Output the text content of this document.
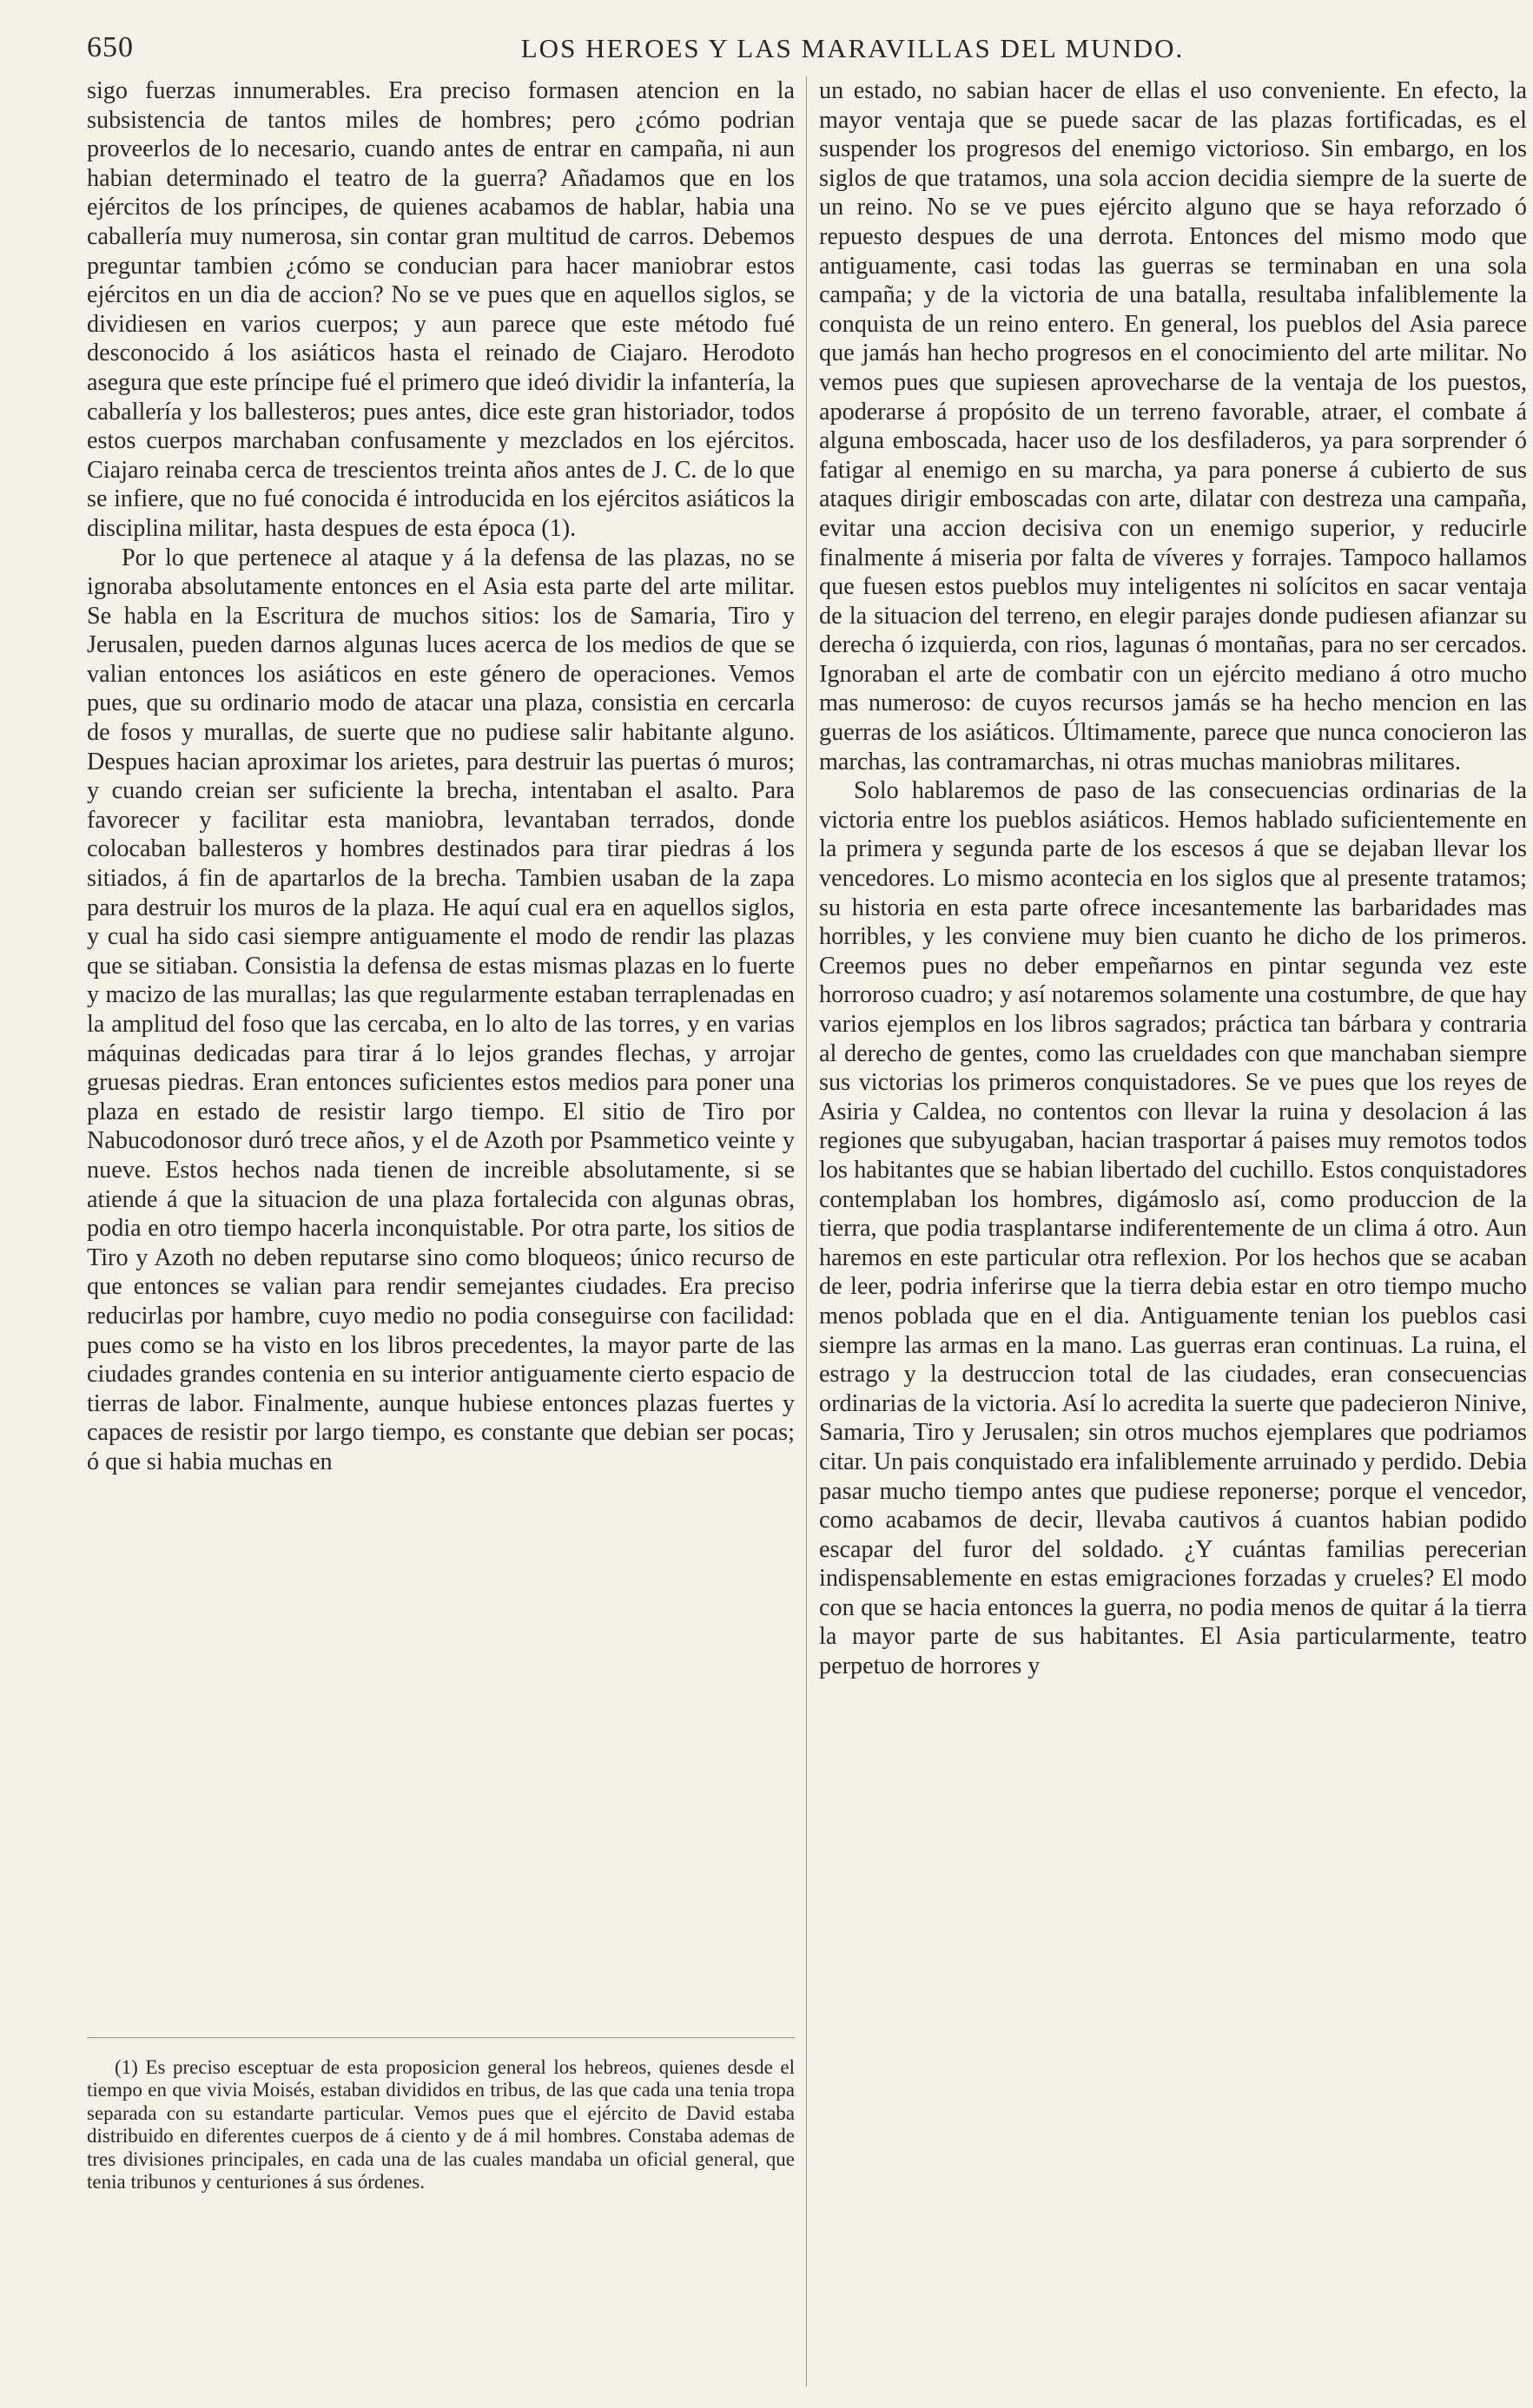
650	LOS HEROES Y LAS MARAVILLAS DEL MUNDO.

sigo fuerzas innumerables. Era preciso formasen atencion en la subsistencia de tantos miles de hombres; pero ¿cómo podrian proveerlos de lo necesario, cuando antes de entrar en campaña, ni aun habian determinado el teatro de la guerra? Añadamos que en los ejércitos de los príncipes, de quienes acabamos de hablar, habia una caballería muy numerosa, sin contar gran multitud de carros. Debemos preguntar tambien ¿cómo se conducian para hacer maniobrar estos ejércitos en un dia de accion? No se ve pues que en aquellos siglos, se dividiesen en varios cuerpos; y aun parece que este método fué desconocido á los asiáticos hasta el reinado de Ciajaro. Herodoto asegura que este príncipe fué el primero que ideó dividir la infantería, la caballería y los ballesteros; pues antes, dice este gran historiador, todos estos cuerpos marchaban confusamente y mezclados en los ejércitos. Ciajaro reinaba cerca de trescientos treinta años antes de J. C. de lo que se infiere, que no fué conocida é introducida en los ejércitos asiáticos la disciplina militar, hasta despues de esta época (1).

Por lo que pertenece al ataque y á la defensa de las plazas, no se ignoraba absolutamente entonces en el Asia esta parte del arte militar. Se habla en la Escritura de muchos sitios: los de Samaria, Tiro y Jerusalen, pueden darnos algunas luces acerca de los medios de que se valian entonces los asiáticos en este género de operaciones. Vemos pues, que su ordinario modo de atacar una plaza, consistia en cercarla de fosos y murallas, de suerte que no pudiese salir habitante alguno. Despues hacian aproximar los arietes, para destruir las puertas ó muros; y cuando creian ser suficiente la brecha, intentaban el asalto. Para favorecer y facilitar esta maniobra, levantaban terrados, donde colocaban ballesteros y hombres destinados para tirar piedras á los sitiados, á fin de apartarlos de la brecha. Tambien usaban de la zapa para destruir los muros de la plaza. He aquí cual era en aquellos siglos, y cual ha sido casi siempre antiguamente el modo de rendir las plazas que se sitiaban. Consistia la defensa de estas mismas plazas en lo fuerte y macizo de las murallas; las que regularmente estaban terraplenadas en la amplitud del foso que las cercaba, en lo alto de las torres, y en varias máquinas dedicadas para tirar á lo lejos grandes flechas, y arrojar gruesas piedras. Eran entonces suficientes estos medios para poner una plaza en estado de resistir largo tiempo. El sitio de Tiro por Nabucodonosor duró trece años, y el de Azoth por Psammetico veinte y nueve. Estos hechos nada tienen de increible absolutamente, si se atiende á que la situacion de una plaza fortalecida con algunas obras, podia en otro tiempo hacerla inconquistable. Por otra parte, los sitios de Tiro y Azoth no deben reputarse sino como bloqueos; único recurso de que entonces se valian para rendir semejantes ciudades. Era preciso reducirlas por hambre, cuyo medio no podia conseguirse con facilidad: pues como se ha visto en los libros precedentes, la mayor parte de las ciudades grandes contenia en su interior antiguamente cierto espacio de tierras de labor. Finalmente, aunque hubiese entonces plazas fuertes y capaces de resistir por largo tiempo, es constante que debian ser pocas; ó que si habia muchas en

un estado, no sabian hacer de ellas el uso conveniente. En efecto, la mayor ventaja que se puede sacar de las plazas fortificadas, es el suspender los progresos del enemigo victorioso. Sin embargo, en los siglos de que tratamos, una sola accion decidia siempre de la suerte de un reino. No se ve pues ejército alguno que se haya reforzado ó repuesto despues de una derrota. Entonces del mismo modo que antiguamente, casi todas las guerras se terminaban en una sola campaña; y de la victoria de una batalla, resultaba infaliblemente la conquista de un reino entero. En general, los pueblos del Asia parece que jamás han hecho progresos en el conocimiento del arte militar. No vemos pues que supiesen aprovecharse de la ventaja de los puestos, apoderarse á propósito de un terreno favorable, atraer, el combate á alguna emboscada, hacer uso de los desfiladeros, ya para sorprender ó fatigar al enemigo en su marcha, ya para ponerse á cubierto de sus ataques dirigir emboscadas con arte, dilatar con destreza una campaña, evitar una accion decisiva con un enemigo superior, y reducirle finalmente á miseria por falta de víveres y forrajes. Tampoco hallamos que fuesen estos pueblos muy inteligentes ni solícitos en sacar ventaja de la situacion del terreno, en elegir parajes donde pudiesen afianzar su derecha ó izquierda, con rios, lagunas ó montañas, para no ser cercados. Ignoraban el arte de combatir con un ejército mediano á otro mucho mas numeroso: de cuyos recursos jamás se ha hecho mencion en las guerras de los asiáticos. Últimamente, parece que nunca conocieron las marchas, las contramarchas, ni otras muchas maniobras militares.

Solo hablaremos de paso de las consecuencias ordinarias de la victoria entre los pueblos asiáticos. Hemos hablado suficientemente en la primera y segunda parte de los escesos á que se dejaban llevar los vencedores. Lo mismo acontecia en los siglos que al presente tratamos; su historia en esta parte ofrece incesantemente las barbaridades mas horribles, y les conviene muy bien cuanto he dicho de los primeros. Creemos pues no deber empeñarnos en pintar segunda vez este horroroso cuadro; y así notaremos solamente una costumbre, de que hay varios ejemplos en los libros sagrados; práctica tan bárbara y contraria al derecho de gentes, como las crueldades con que manchaban siempre sus victorias los primeros conquistadores. Se ve pues que los reyes de Asiria y Caldea, no contentos con llevar la ruina y desolacion á las regiones que subyugaban, hacian trasportar á paises muy remotos todos los habitantes que se habian libertado del cuchillo. Estos conquistadores contemplaban los hombres, digámoslo así, como produccion de la tierra, que podia trasplantarse indiferentemente de un clima á otro. Aun haremos en este particular otra reflexion. Por los hechos que se acaban de leer, podria inferirse que la tierra debia estar en otro tiempo mucho menos poblada que en el dia. Antiguamente tenian los pueblos casi siempre las armas en la mano. Las guerras eran continuas. La ruina, el estrago y la destruccion total de las ciudades, eran consecuencias ordinarias de la victoria. Así lo acredita la suerte que padecieron Ninive, Samaria, Tiro y Jerusalen; sin otros muchos ejemplares que podriamos citar. Un pais conquistado era infaliblemente arruinado y perdido. Debia pasar mucho tiempo antes que pudiese reponerse; porque el vencedor, como acabamos de decir, llevaba cautivos á cuantos habian podido escapar del furor del soldado. ¿Y cuántas familias perecerian indispensablemente en estas emigraciones forzadas y crueles? El modo con que se hacia entonces la guerra, no podia menos de quitar á la tierra la mayor parte de sus habitantes. El Asia particularmente, teatro perpetuo de horrores y

(1) Es preciso esceptuar de esta proposicion general los hebreos, quienes desde el tiempo en que vivia Moisés, estaban divididos en tribus, de las que cada una tenia tropa separada con su estandarte particular. Vemos pues que el ejército de David estaba distribuido en diferentes cuerpos de á ciento y de á mil hombres. Constaba ademas de tres divisiones principales, en cada una de las cuales mandaba un oficial general, que tenia tribunos y centuriones á sus órdenes.
